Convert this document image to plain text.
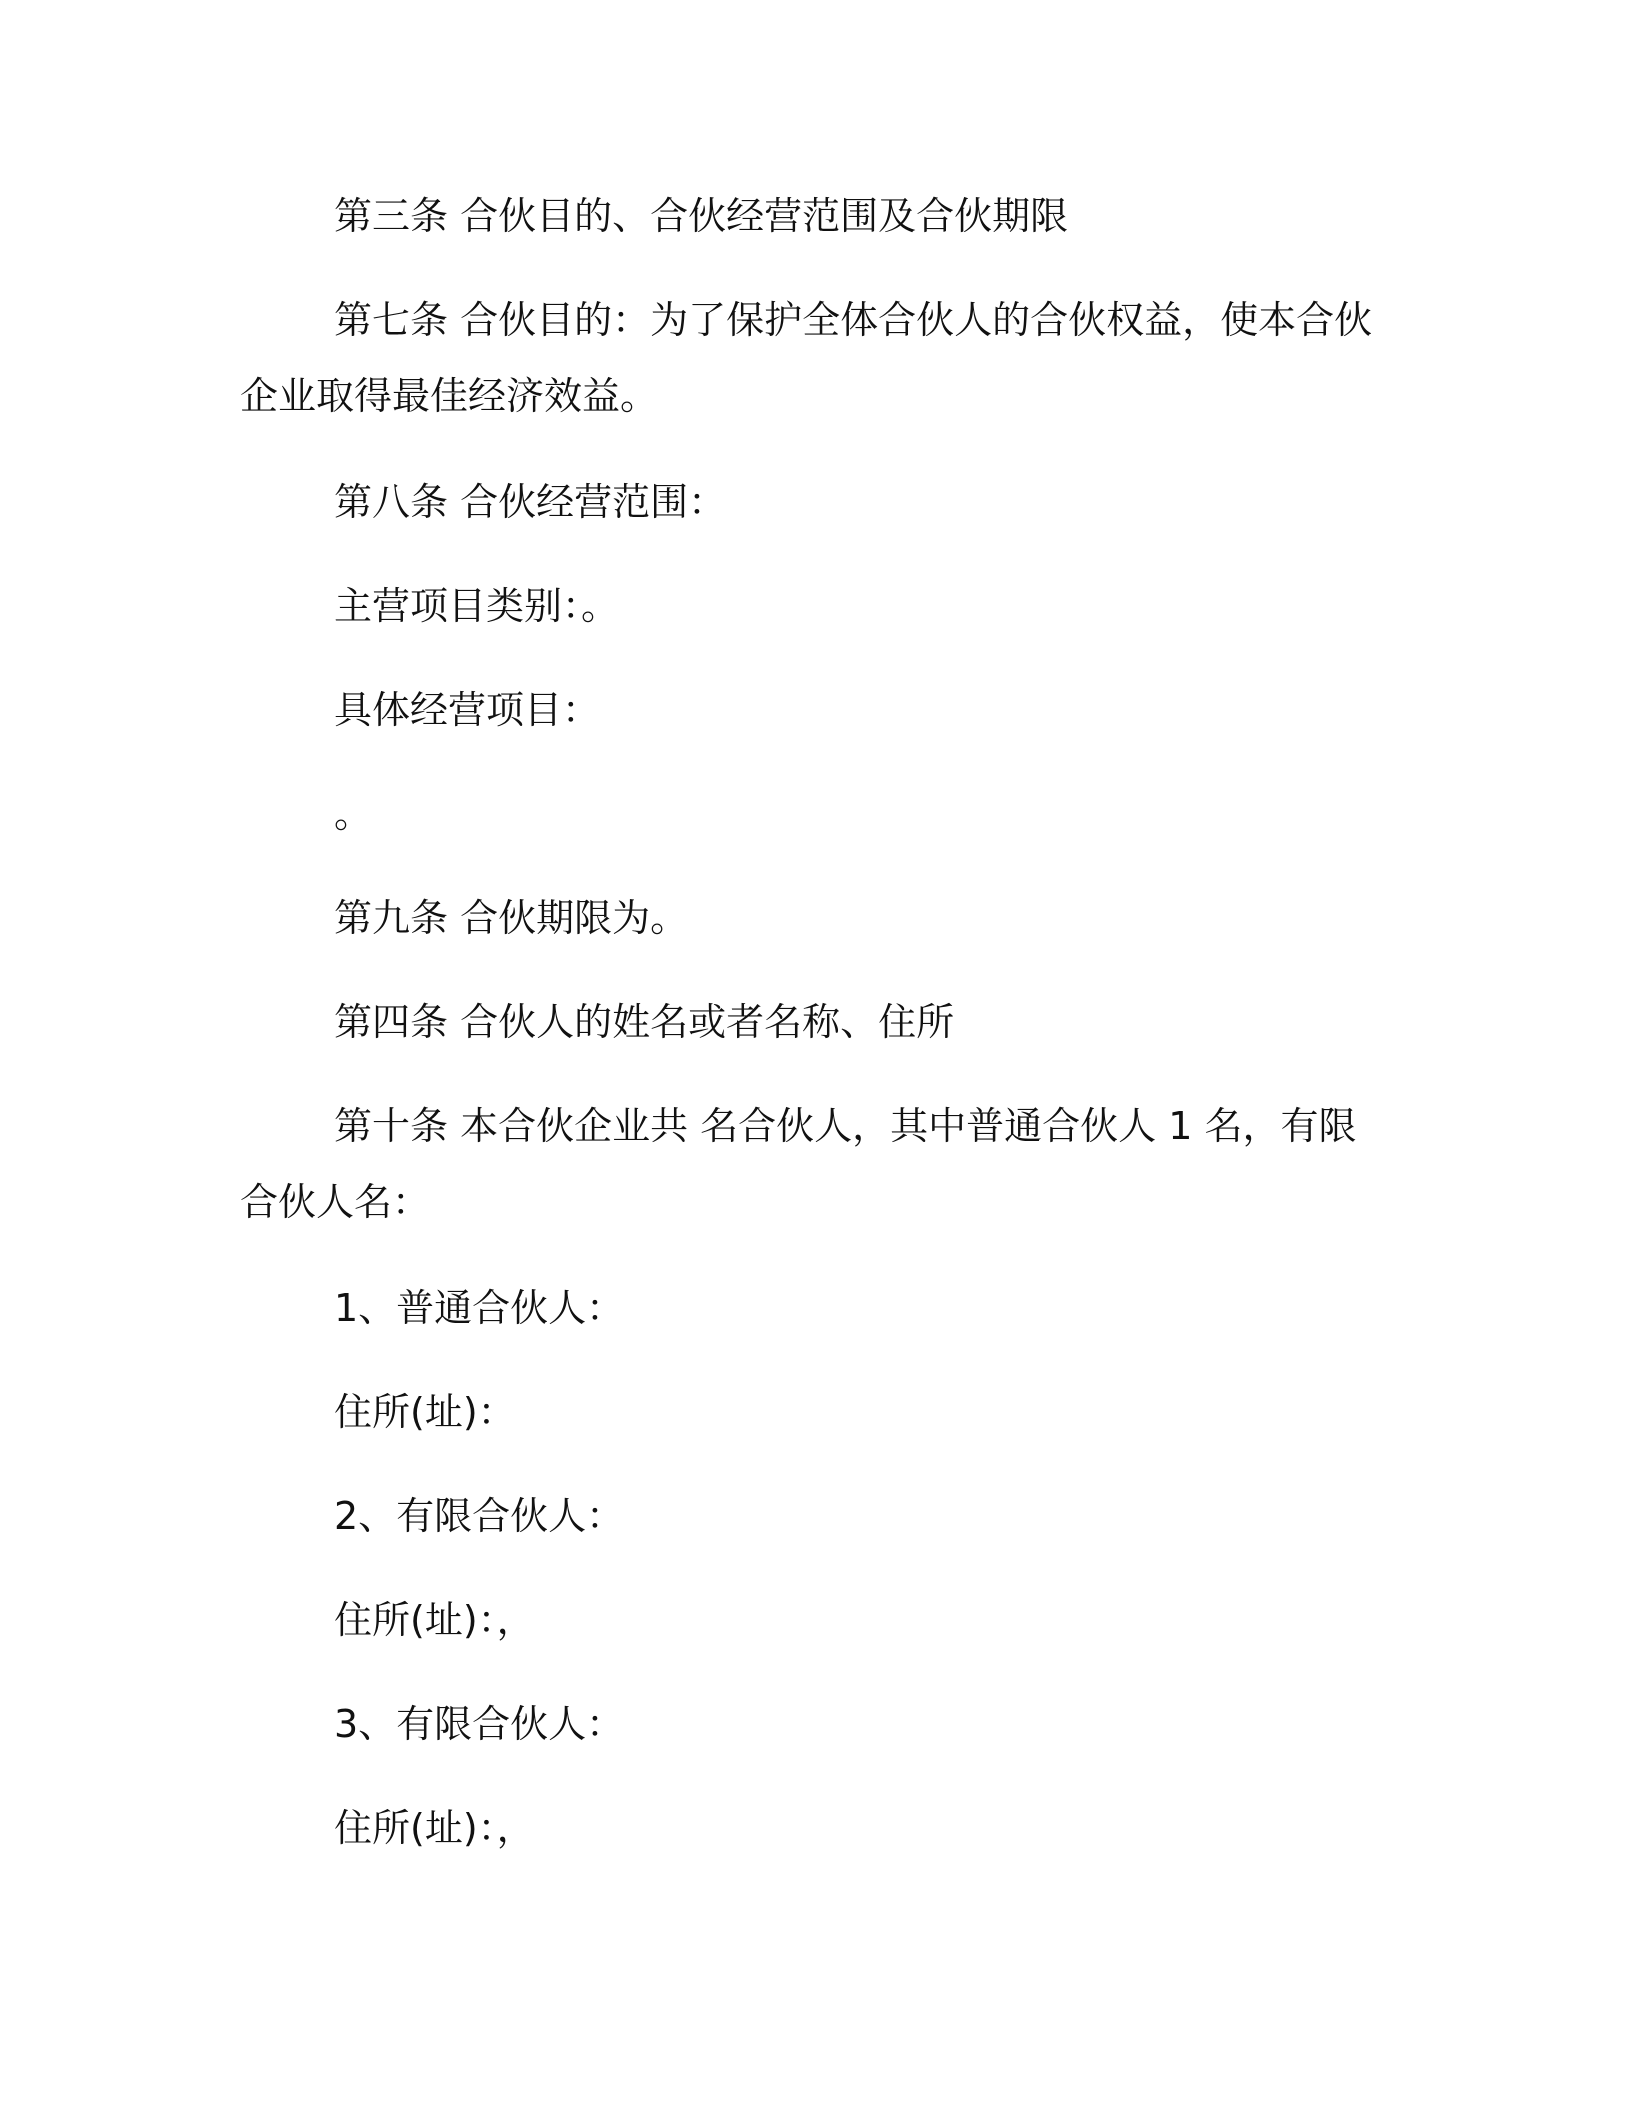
第三条 合伙目的、合伙经营范围及合伙期限

第七条 合伙目的：为了保护全体合伙人的合伙权益，使本合伙企业取得最佳经济效益。

第八条 合伙经营范围：

主营项目类别：。

具体经营项目：

。

第九条 合伙期限为。

第四条 合伙人的姓名或者名称、住所

第十条 本合伙企业共 名合伙人，其中普通合伙人 1 名，有限合伙人名：

1、普通合伙人：

住所(址)：

2、有限合伙人：

住所(址)：，

3、有限合伙人：

住所(址)：，
